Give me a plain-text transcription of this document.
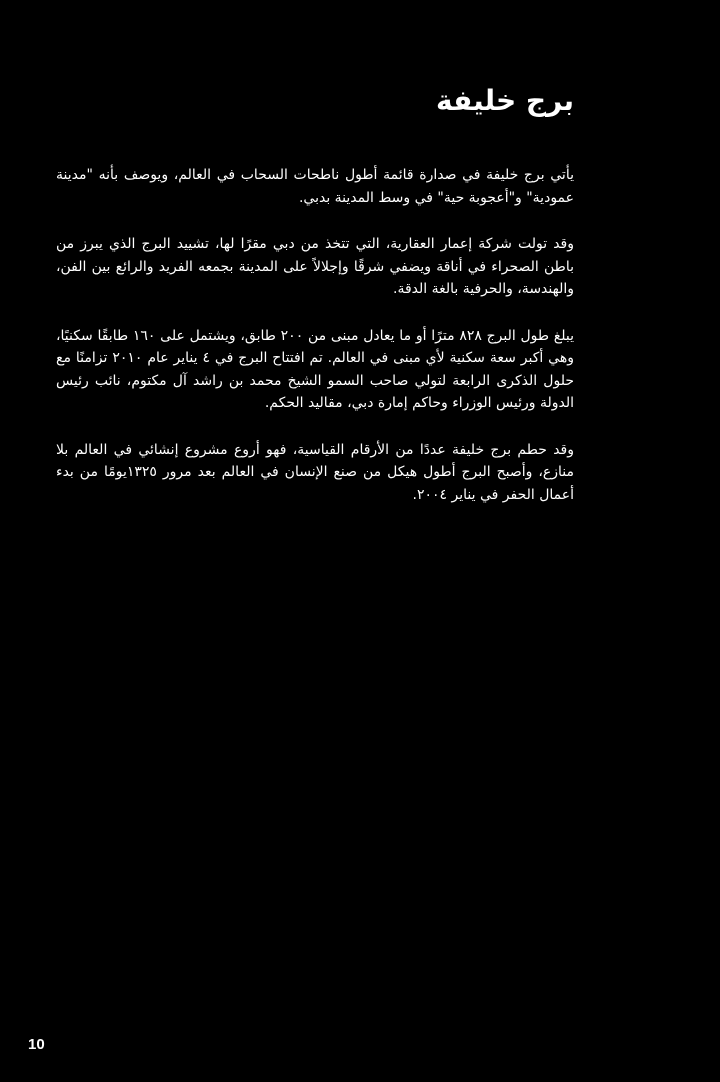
برج خليفة

يأتي برج خليفة في صدارة قائمة أطول ناطحات السحاب في العالم، ويوصف بأنه "مدينة عمودية" و"أعجوبة حية" في وسط المدينة بدبي.

وقد تولت شركة إعمار العقارية، التي تتخذ من دبي مقرًا لها، تشييد البرج الذي يبرز من باطن الصحراء في أناقة ويضفي شرقًا وإجلالاً على المدينة بجمعه الفريد والرائع بين الفن، والهندسة، والحرفية بالغة الدقة.

يبلغ طول البرج ٨٢٨ مترًا أو ما يعادل مبنى من ٢٠٠ طابق، ويشتمل على ١٦٠ طابقًا سكنيًا، وهي أكبر سعة سكنية لأي مبنى في العالم. تم افتتاح البرج في ٤ يناير عام ٢٠١٠ تزامنًا مع حلول الذكرى الرابعة لتولي صاحب السمو الشيخ محمد بن راشد آل مكتوم، نائب رئيس الدولة ورئيس الوزراء وحاكم إمارة دبي، مقاليد الحكم.

وقد حطم برج خليفة عددًا من الأرقام القياسية، فهو أروع مشروع إنشائي في العالم بلا منازع، وأصبح البرج أطول هيكل من صنع الإنسان في العالم بعد مرور ١٣٢٥يومًا من بدء أعمال الحفر في يناير ٢٠٠٤.

10
